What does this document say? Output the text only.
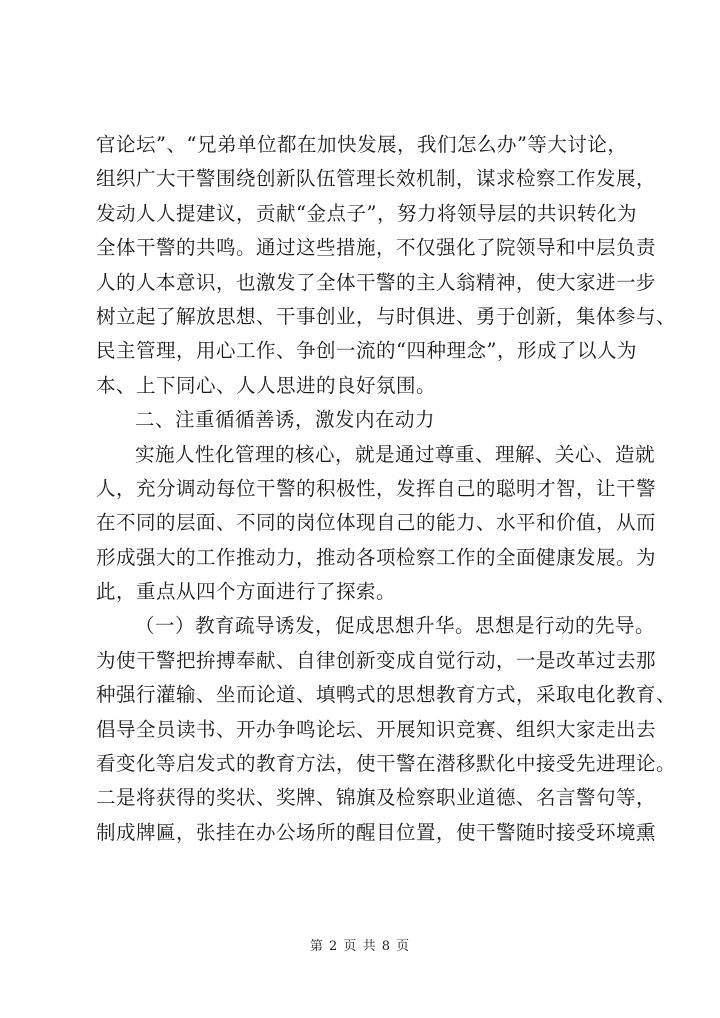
官论坛”、“兄弟单位都在加快发展，我们怎么办”等大讨论，
组织广大干警围绕创新队伍管理长效机制，谋求检察工作发展，
发动人人提建议，贡献“金点子”，努力将领导层的共识转化为
全体干警的共鸣。通过这些措施，不仅强化了院领导和中层负责
人的人本意识，也激发了全体干警的主人翁精神，使大家进一步
树立起了解放思想、干事创业，与时俱进、勇于创新，集体参与、
民主管理，用心工作、争创一流的“四种理念”，形成了以人为
本、上下同心、人人思进的良好氛围。
二、注重循循善诱，激发内在动力
实施人性化管理的核心，就是通过尊重、理解、关心、造就
人，充分调动每位干警的积极性，发挥自己的聪明才智，让干警
在不同的层面、不同的岗位体现自己的能力、水平和价值，从而
形成强大的工作推动力，推动各项检察工作的全面健康发展。为
此，重点从四个方面进行了探索。
（一）教育疏导诱发，促成思想升华。思想是行动的先导。
为使干警把拚搏奉献、自律创新变成自觉行动，一是改革过去那
种强行灌输、坐而论道、填鸭式的思想教育方式，采取电化教育、
倡导全员读书、开办争鸣论坛、开展知识竞赛、组织大家走出去
看变化等启发式的教育方法，使干警在潜移默化中接受先进理论。
二是将获得的奖状、奖牌、锦旗及检察职业道德、名言警句等，
制成牌匾，张挂在办公场所的醒目位置，使干警随时接受环境熏
第 2 页 共 8 页
